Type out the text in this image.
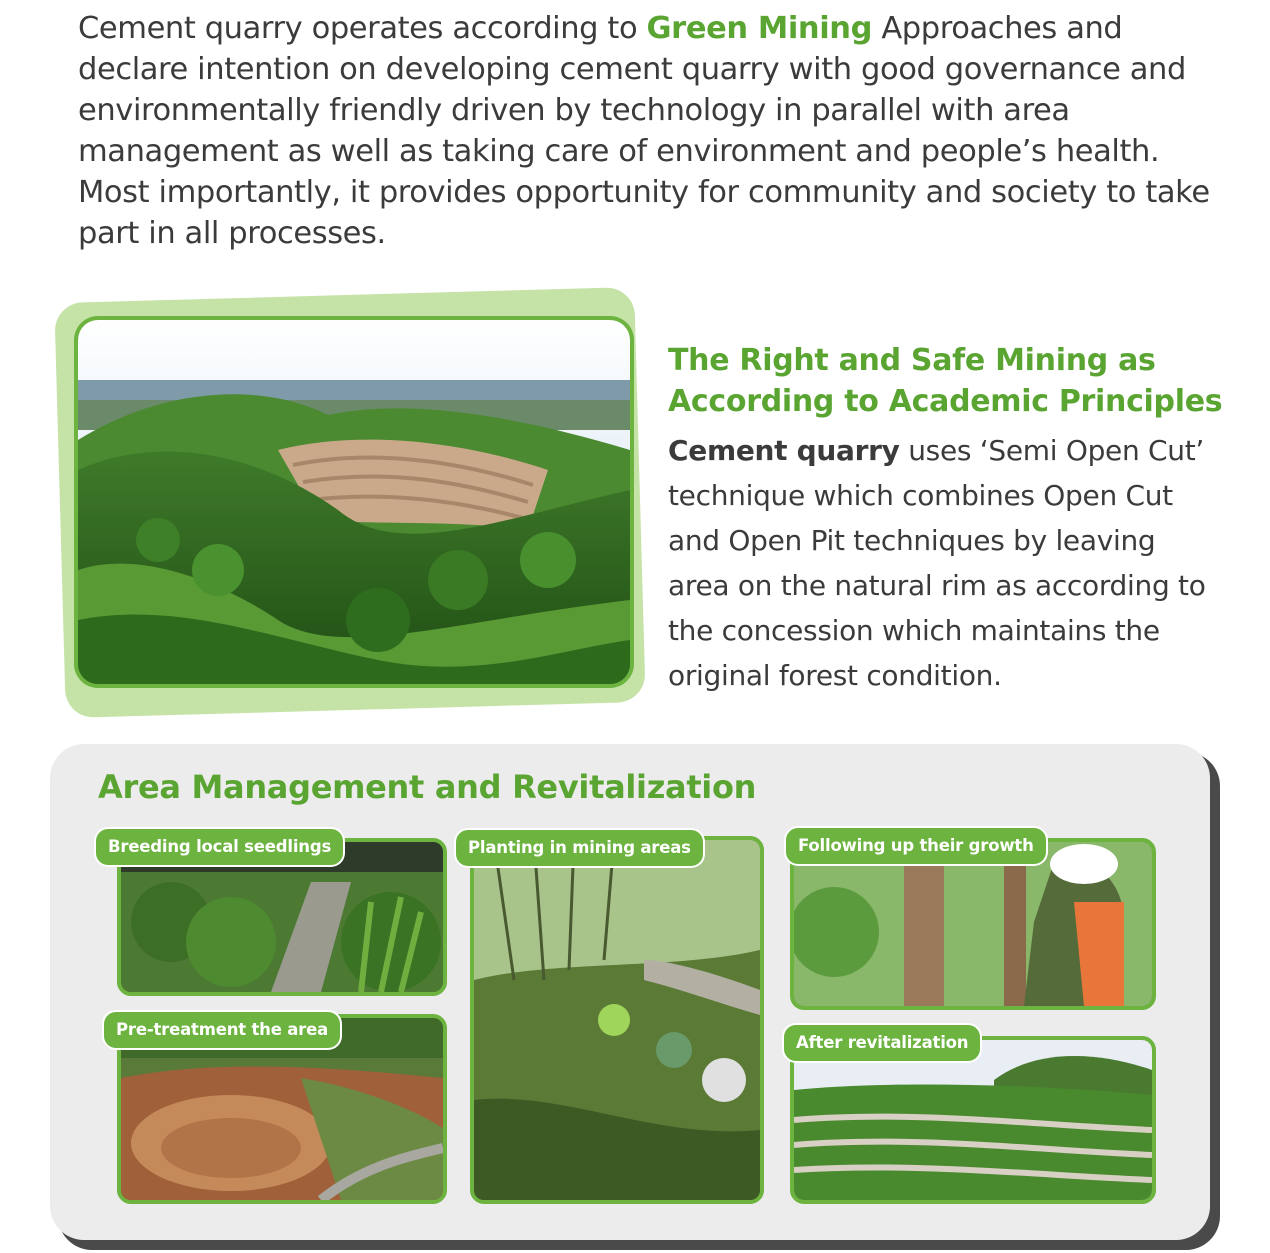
Cement quarry operates according to Green Mining Approaches and declare intention on developing cement quarry with good governance and environmentally friendly driven by technology in parallel with area management as well as taking care of environment and people’s health. Most importantly, it provides opportunity for community and society to take part in all processes.
The Right and Safe Mining as
According to Academic Principles
Cement quarry uses ‘Semi Open Cut’ technique which combines Open Cut and Open Pit techniques by leaving area on the natural rim as according to the concession which maintains the original forest condition.
Area Management and Revitalization
Breeding local seedlings	Planting in mining areas	Following up their growth
Pre-treatment the area
After revitalization
